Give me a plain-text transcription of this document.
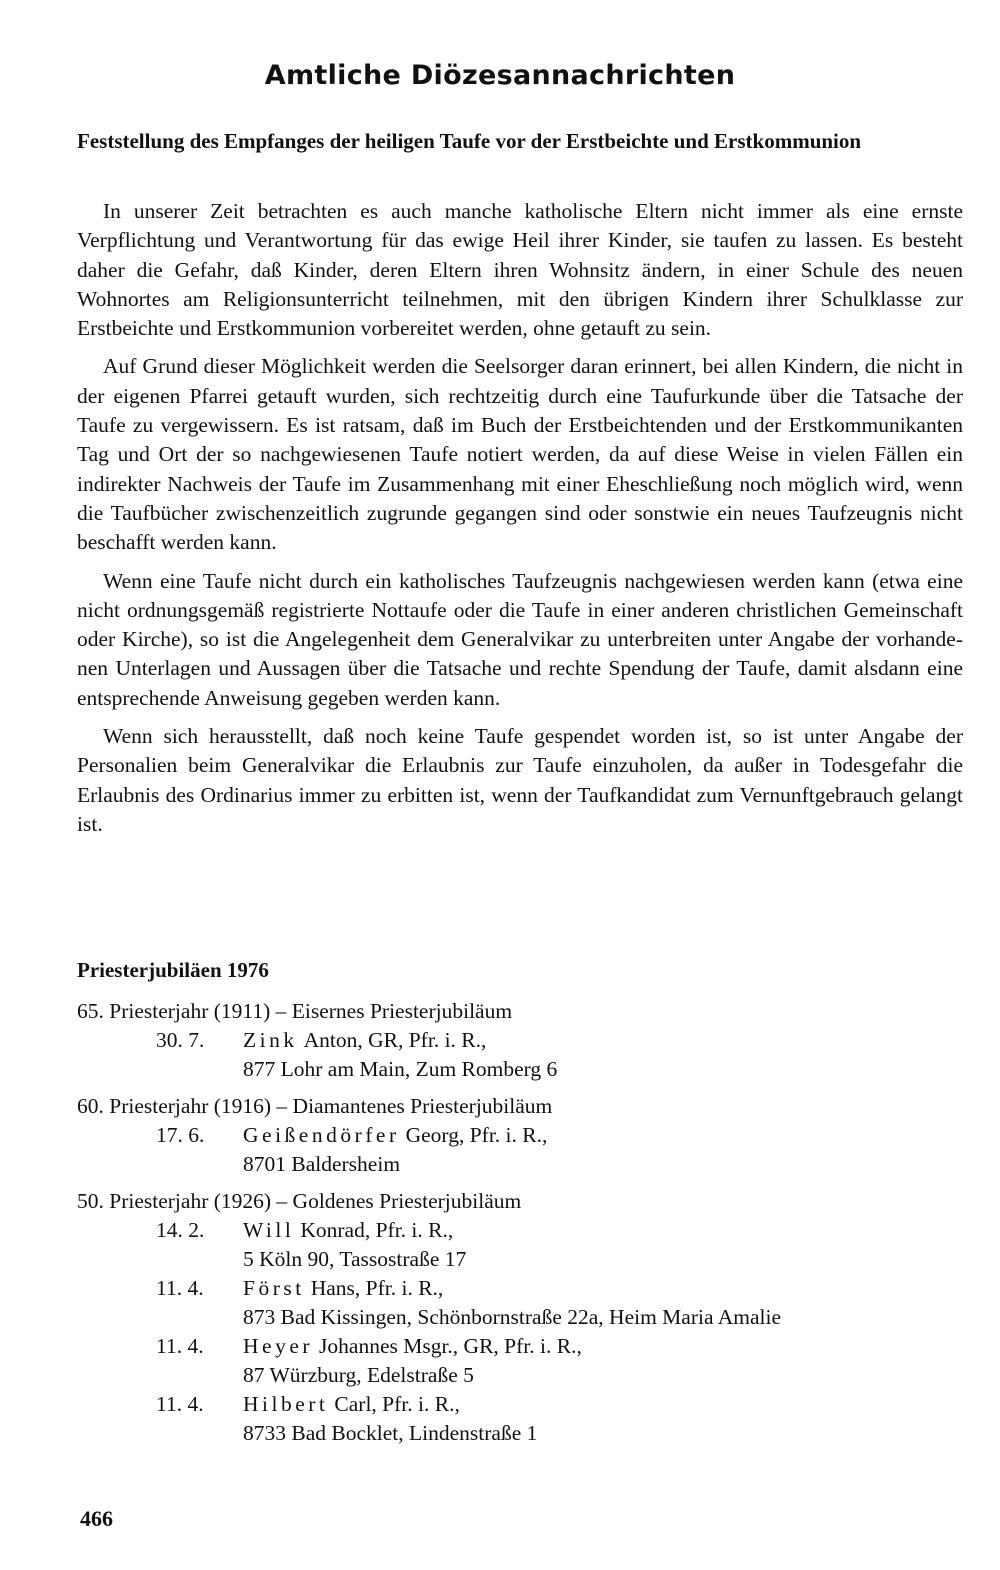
Amtliche Diözesannachrichten
Feststellung des Empfanges der heiligen Taufe vor der Erstbeichte und Erstkommunion

In unserer Zeit betrachten es auch manche katholische Eltern nicht immer als eine ernste Verpflichtung und Verantwortung für das ewige Heil ihrer Kinder, sie taufen zu lassen. Es besteht daher die Gefahr, daß Kinder, deren Eltern ihren Wohnsitz ändern, in einer Schule des neuen Wohnortes am Religionsunterricht teilnehmen, mit den übrigen Kindern ihrer Schulklasse zur Erstbeichte und Erstkommunion vorbereitet werden, ohne getauft zu sein.

Auf Grund dieser Möglichkeit werden die Seelsorger daran erinnert, bei allen Kindern, die nicht in der eigenen Pfarrei getauft wurden, sich rechtzeitig durch eine Taufurkunde über die Tatsache der Taufe zu vergewissern. Es ist ratsam, daß im Buch der Erstbeichtenden und der Erstkommunikanten Tag und Ort der so nachgewiesenen Taufe notiert werden, da auf diese Weise in vielen Fällen ein indirekter Nachweis der Taufe im Zusammenhang mit einer Eheschließung noch möglich wird, wenn die Taufbücher zwischenzeitlich zugrunde gegangen sind oder sonstwie ein neues Taufzeugnis nicht beschafft werden kann.

Wenn eine Taufe nicht durch ein katholisches Taufzeugnis nachgewiesen werden kann (etwa eine nicht ordnungsgemäß registrierte Nottaufe oder die Taufe in einer anderen christlichen Gemeinschaft oder Kirche), so ist die Angelegenheit dem Generalvikar zu unterbreiten unter Angabe der vorhandenen Unterlagen und Aussagen über die Tatsache und rechte Spendung der Taufe, damit alsdann eine entsprechende Anweisung gegeben werden kann.

Wenn sich herausstellt, daß noch keine Taufe gespendet worden ist, so ist unter Angabe der Personalien beim Generalvikar die Erlaubnis zur Taufe einzuholen, da außer in Todesgefahr die Erlaubnis des Ordinarius immer zu erbitten ist, wenn der Taufkandidat zum Vernunftgebrauch gelangt ist.

Priesterjubiläen 1976
65. Priesterjahr (1911) – Eisernes Priesterjubiläum
30. 7. Zink Anton, GR, Pfr. i. R.,
877 Lohr am Main, Zum Romberg 6
60. Priesterjahr (1916) – Diamantenes Priesterjubiläum
17. 6. Geißendörfer Georg, Pfr. i. R.,
8701 Baldersheim
50. Priesterjahr (1926) – Goldenes Priesterjubiläum
14. 2. Will Konrad, Pfr. i. R.,
5 Köln 90, Tassostraße 17
11. 4. Först Hans, Pfr. i. R.,
873 Bad Kissingen, Schönbornstraße 22a, Heim Maria Amalie
11. 4. Heyer Johannes Msgr., GR, Pfr. i. R.,
87 Würzburg, Edelstraße 5
11. 4. Hilbert Carl, Pfr. i. R.,
8733 Bad Bocklet, Lindenstraße 1
466
